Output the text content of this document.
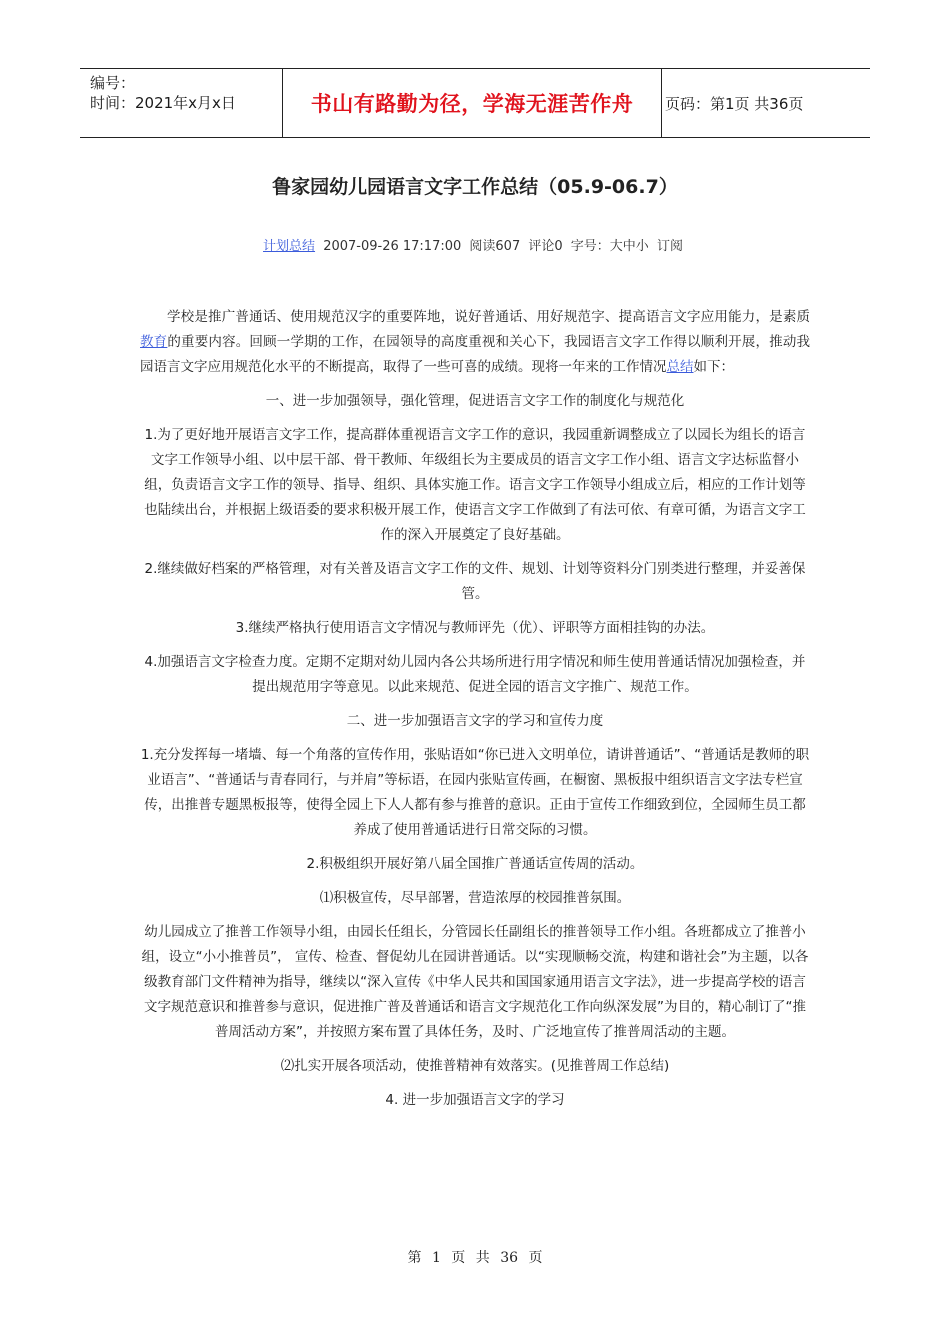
编号：
时间：2021年x月x日	书山有路勤为径，学海无涯苦作舟	页码：第1页 共36页
鲁家园幼儿园语言文字工作总结（05.9-06.7）
计划总结 2007-09-26 17:17:00 阅读607 评论0 字号：大中小 订阅

学校是推广普通话、使用规范汉字的重要阵地，说好普通话、用好规范字、提高语言文字应用能力，是素质教育的重要内容。回顾一学期的工作，在园领导的高度重视和关心下，我园语言文字工作得以顺利开展，推动我园语言文字应用规范化水平的不断提高，取得了一些可喜的成绩。现将一年来的工作情况总结如下：

一、进一步加强领导，强化管理，促进语言文字工作的制度化与规范化

1.为了更好地开展语言文字工作，提高群体重视语言文字工作的意识，我园重新调整成立了以园长为组长的语言文字工作领导小组、以中层干部、骨干教师、年级组长为主要成员的语言文字工作小组、语言文字达标监督小组，负责语言文字工作的领导、指导、组织、具体实施工作。语言文字工作领导小组成立后，相应的工作计划等也陆续出台，并根据上级语委的要求积极开展工作，使语言文字工作做到了有法可依、有章可循，为语言文字工作的深入开展奠定了良好基础。

2.继续做好档案的严格管理，对有关普及语言文字工作的文件、规划、计划等资料分门别类进行整理，并妥善保管。

3.继续严格执行使用语言文字情况与教师评先（优）、评职等方面相挂钩的办法。

4.加强语言文字检查力度。定期不定期对幼儿园内各公共场所进行用字情况和师生使用普通话情况加强检查，并提出规范用字等意见。以此来规范、促进全园的语言文字推广、规范工作。

二、进一步加强语言文字的学习和宣传力度

1.充分发挥每一堵墙、每一个角落的宣传作用，张贴语如“你已进入文明单位，请讲普通话”、“普通话是教师的职业语言”、“普通话与青春同行，与并肩”等标语，在园内张贴宣传画，在橱窗、黑板报中组织语言文字法专栏宣传，出推普专题黑板报等，使得全园上下人人都有参与推普的意识。正由于宣传工作细致到位，全园师生员工都养成了使用普通话进行日常交际的习惯。

2.积极组织开展好第八届全国推广普通话宣传周的活动。

⑴积极宣传，尽早部署，营造浓厚的校园推普氛围。

幼儿园成立了推普工作领导小组，由园长任组长，分管园长任副组长的推普领导工作小组。各班都成立了推普小组，设立“小小推普员”， 宣传、检查、督促幼儿在园讲普通话。以“实现顺畅交流，构建和谐社会”为主题，以各级教育部门文件精神为指导，继续以“深入宣传《中华人民共和国国家通用语言文字法》，进一步提高学校的语言文字规范意识和推普参与意识，促进推广普及普通话和语言文字规范化工作向纵深发展”为目的，精心制订了“推普周活动方案”，并按照方案布置了具体任务，及时、广泛地宣传了推普周活动的主题。

⑵扎实开展各项活动，使推普精神有效落实。(见推普周工作总结)

4. 进一步加强语言文字的学习

第 1 页 共 36 页
